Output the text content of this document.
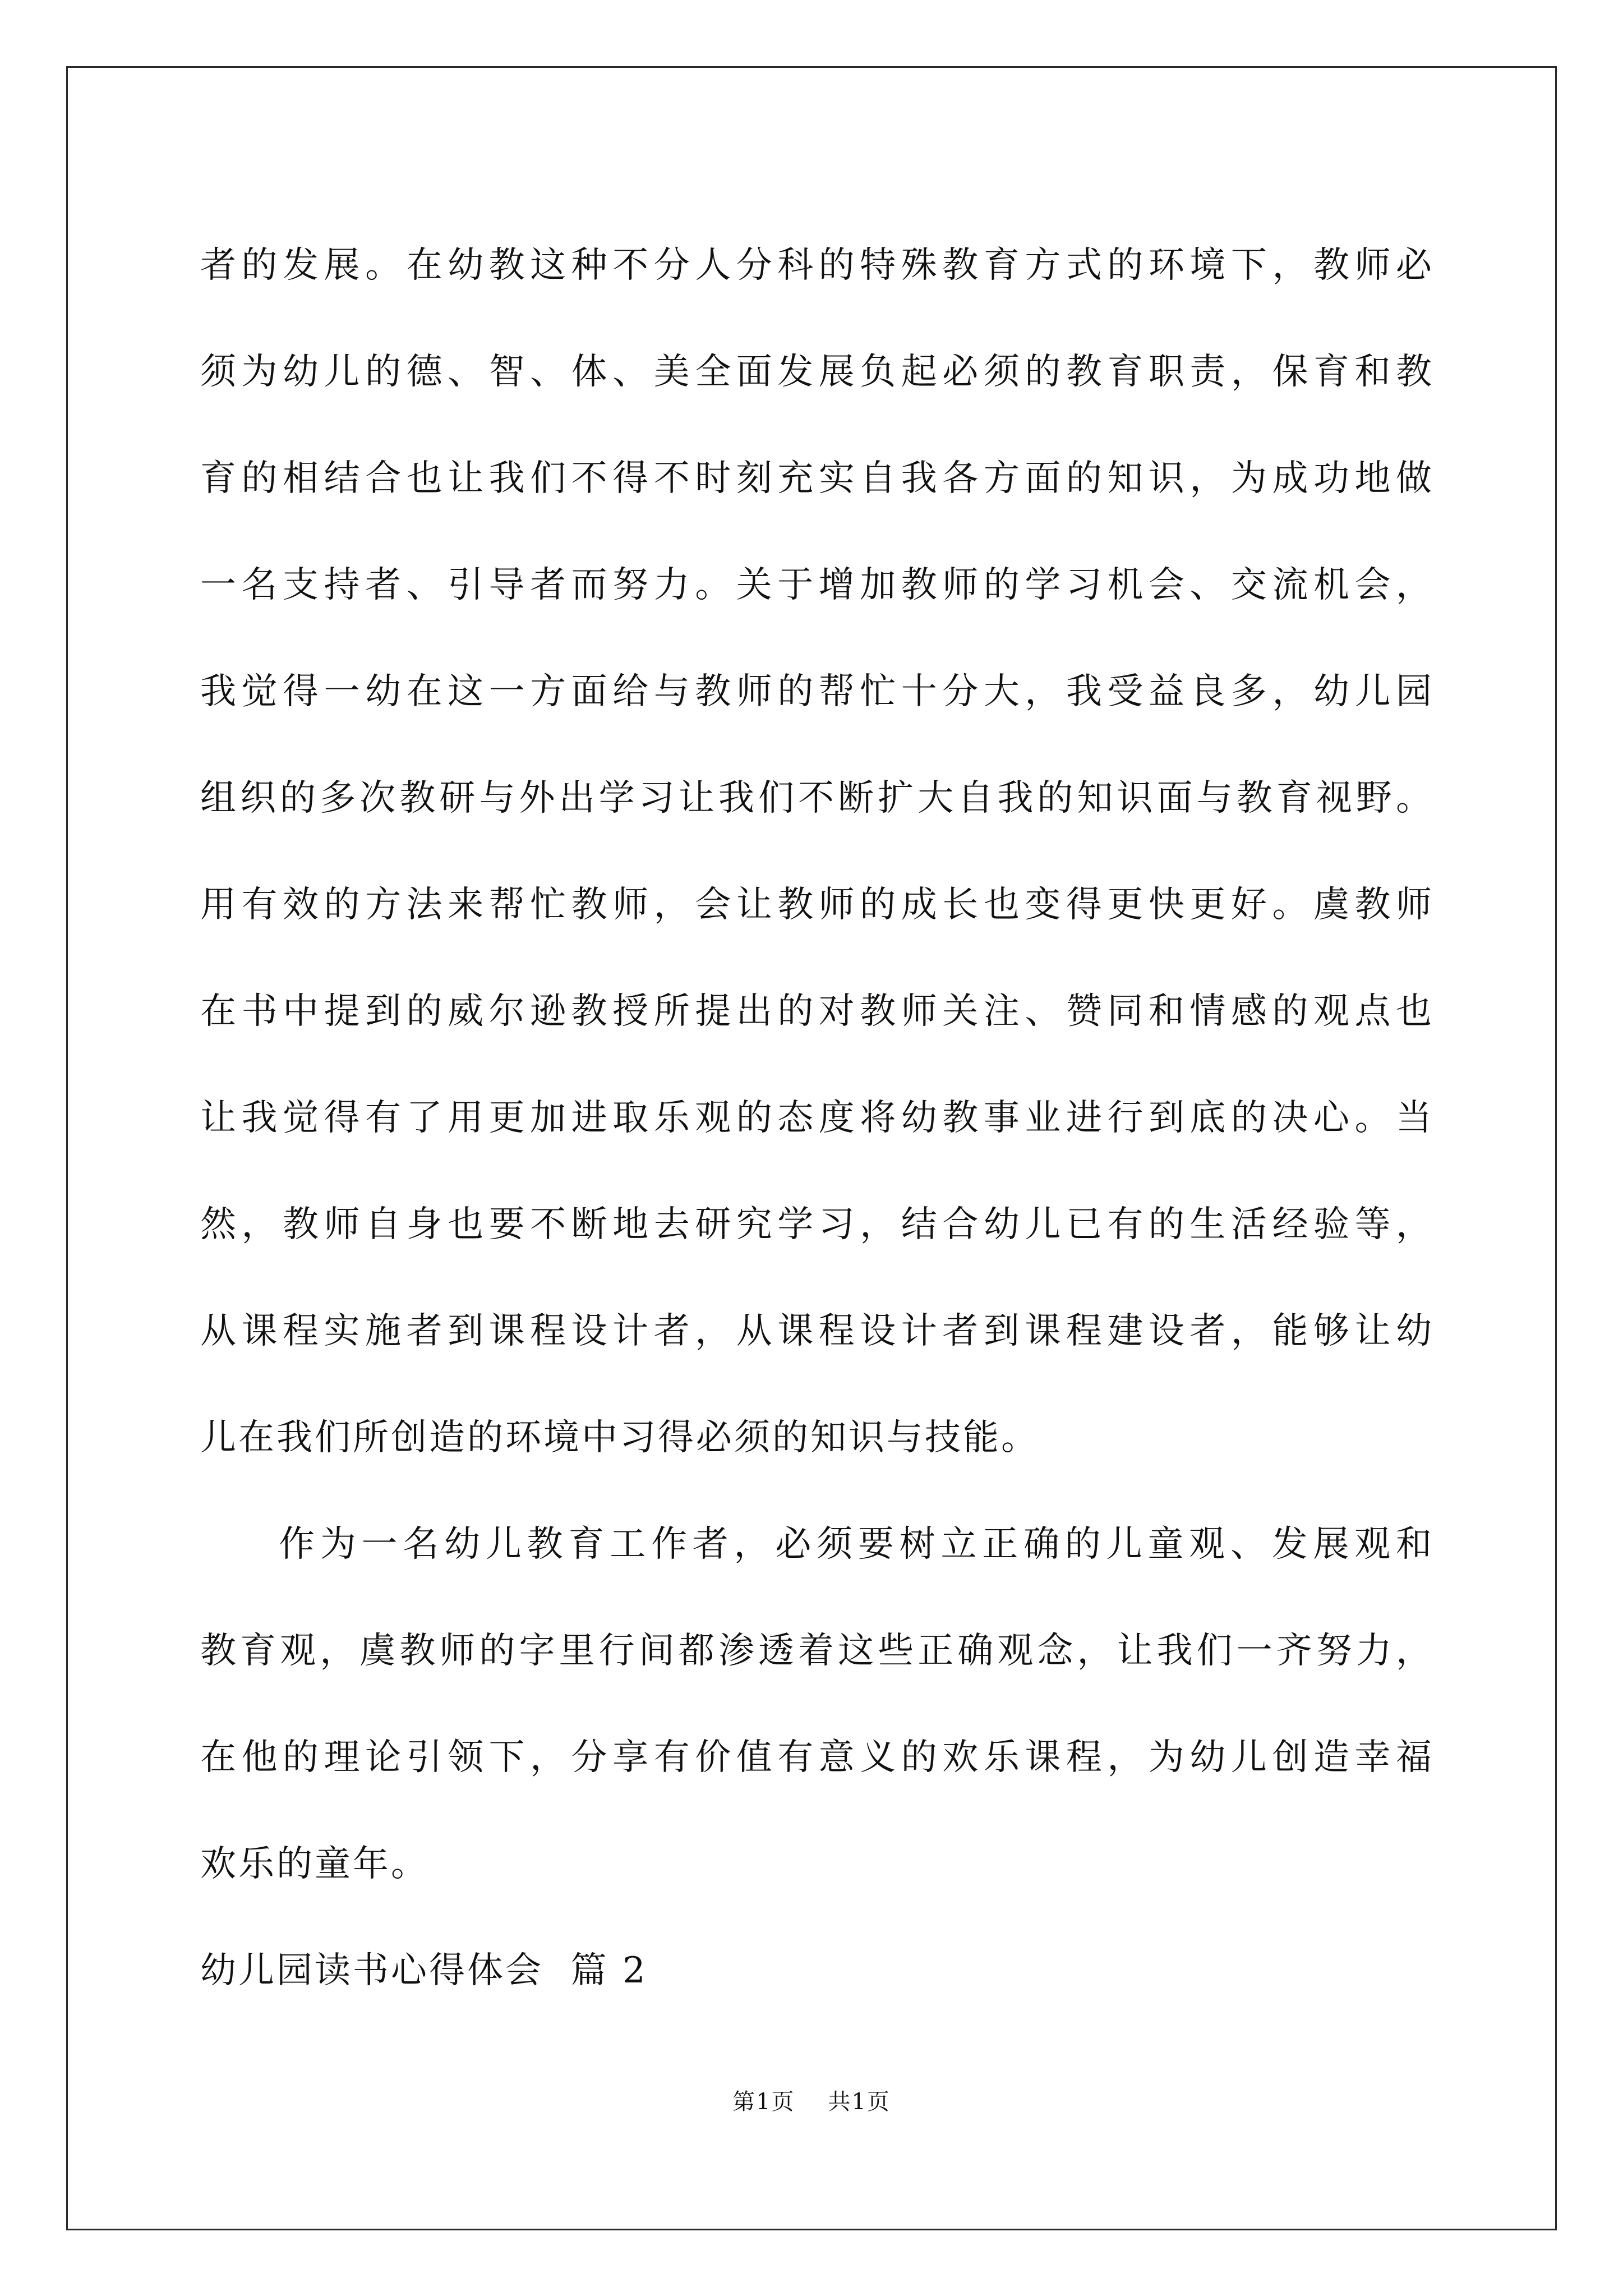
者的发展。在幼教这种不分人分科的特殊教育方式的环境下，教师必
须为幼儿的德、智、体、美全面发展负起必须的教育职责，保育和教
育的相结合也让我们不得不时刻充实自我各方面的知识，为成功地做
一名支持者、引导者而努力。关于增加教师的学习机会、交流机会，
我觉得一幼在这一方面给与教师的帮忙十分大，我受益良多，幼儿园
组织的多次教研与外出学习让我们不断扩大自我的知识面与教育视野。
用有效的方法来帮忙教师，会让教师的成长也变得更快更好。虞教师
在书中提到的威尔逊教授所提出的对教师关注、赞同和情感的观点也
让我觉得有了用更加进取乐观的态度将幼教事业进行到底的决心。当
然，教师自身也要不断地去研究学习，结合幼儿已有的生活经验等，
从课程实施者到课程设计者，从课程设计者到课程建设者，能够让幼
儿在我们所创造的环境中习得必须的知识与技能。
作为一名幼儿教育工作者，必须要树立正确的儿童观、发展观和
教育观，虞教师的字里行间都渗透着这些正确观念，让我们一齐努力，
在他的理论引领下，分享有价值有意义的欢乐课程，为幼儿创造幸福
欢乐的童年。
幼儿园读书心得体会  篇 2
第1页    共1页
